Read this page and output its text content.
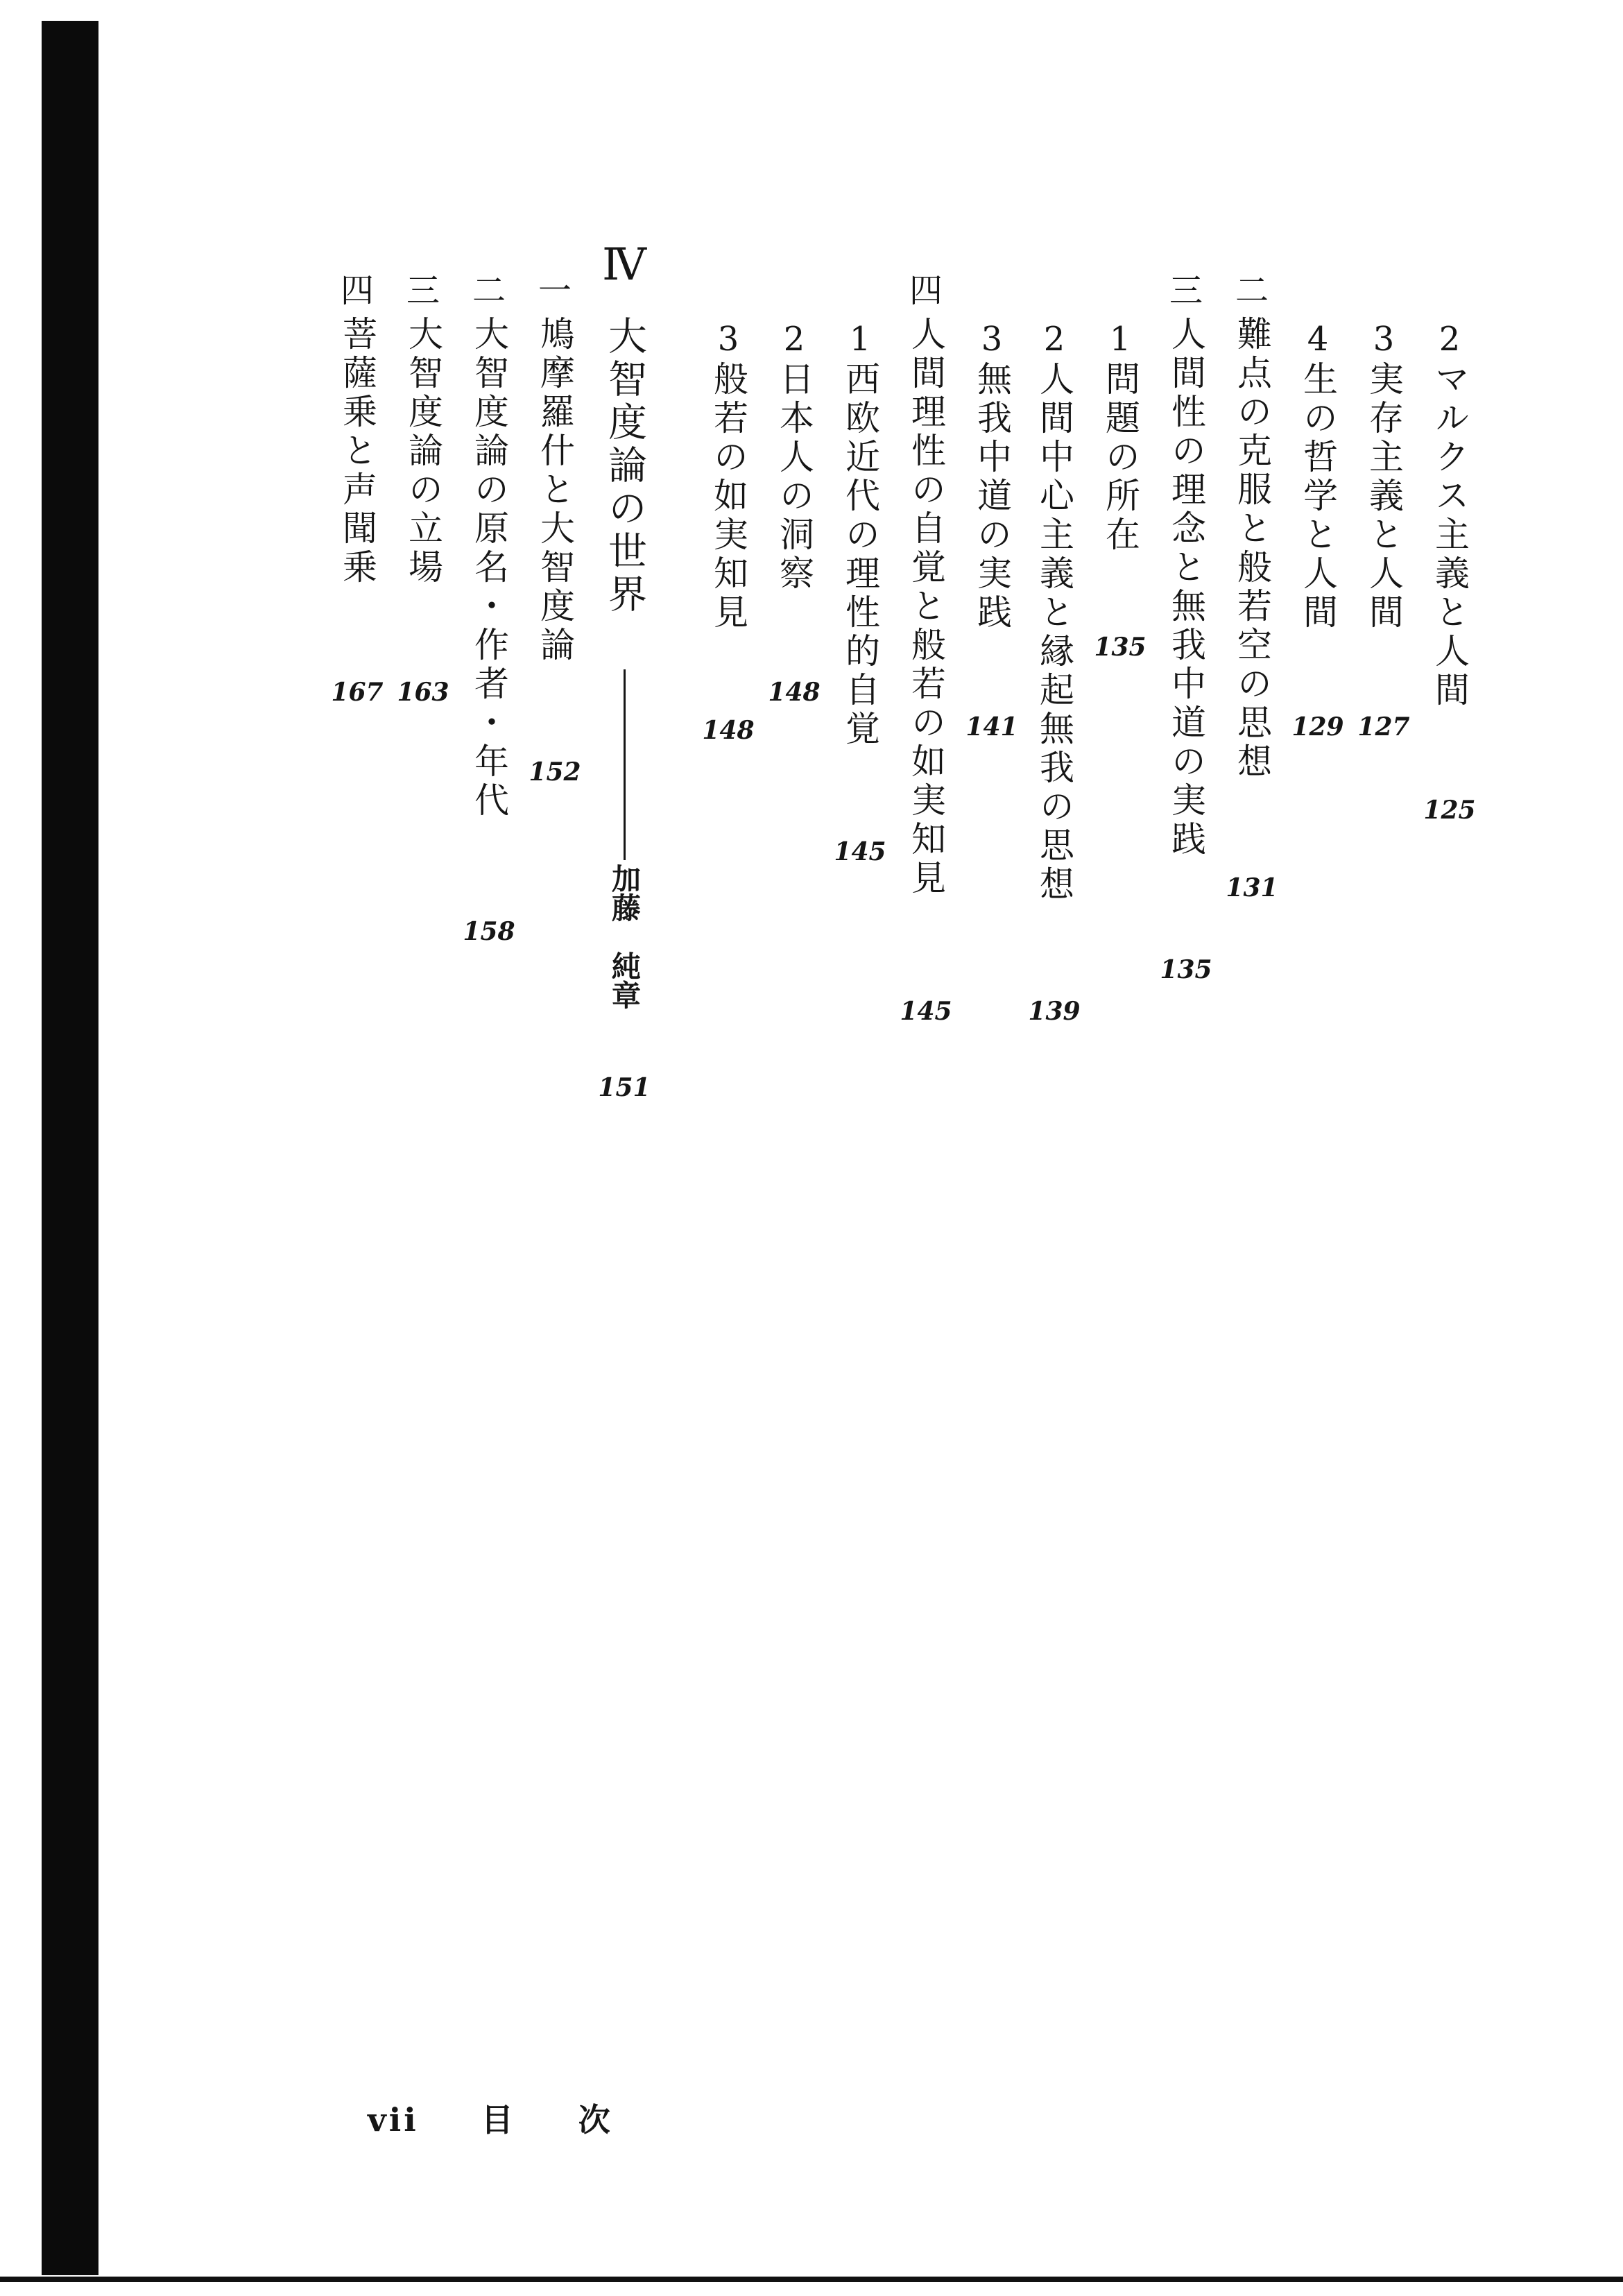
2
マルクス主義と人間
125
3
実存主義と人間
127
4
生の哲学と人間
129
二
難点の克服と般若空の思想
131
三
人間性の理念と無我中道の実践
135
1
問題の所在
135
2
人間中心主義と縁起無我の思想
139
3
無我中道の実践
141
四
人間理性の自覚と般若の如実知見
145
1
西欧近代の理性的自覚
145
2
日本人の洞察
148
3
般若の如実知見
148
Ⅳ
大智度論の世界
加藤　純章
151
一
鳩摩羅什と大智度論
152
二
大智度論の原名・作者・年代
158
三
大智度論の立場
163
四
菩薩乗と声聞乗
167
vii 目 次
